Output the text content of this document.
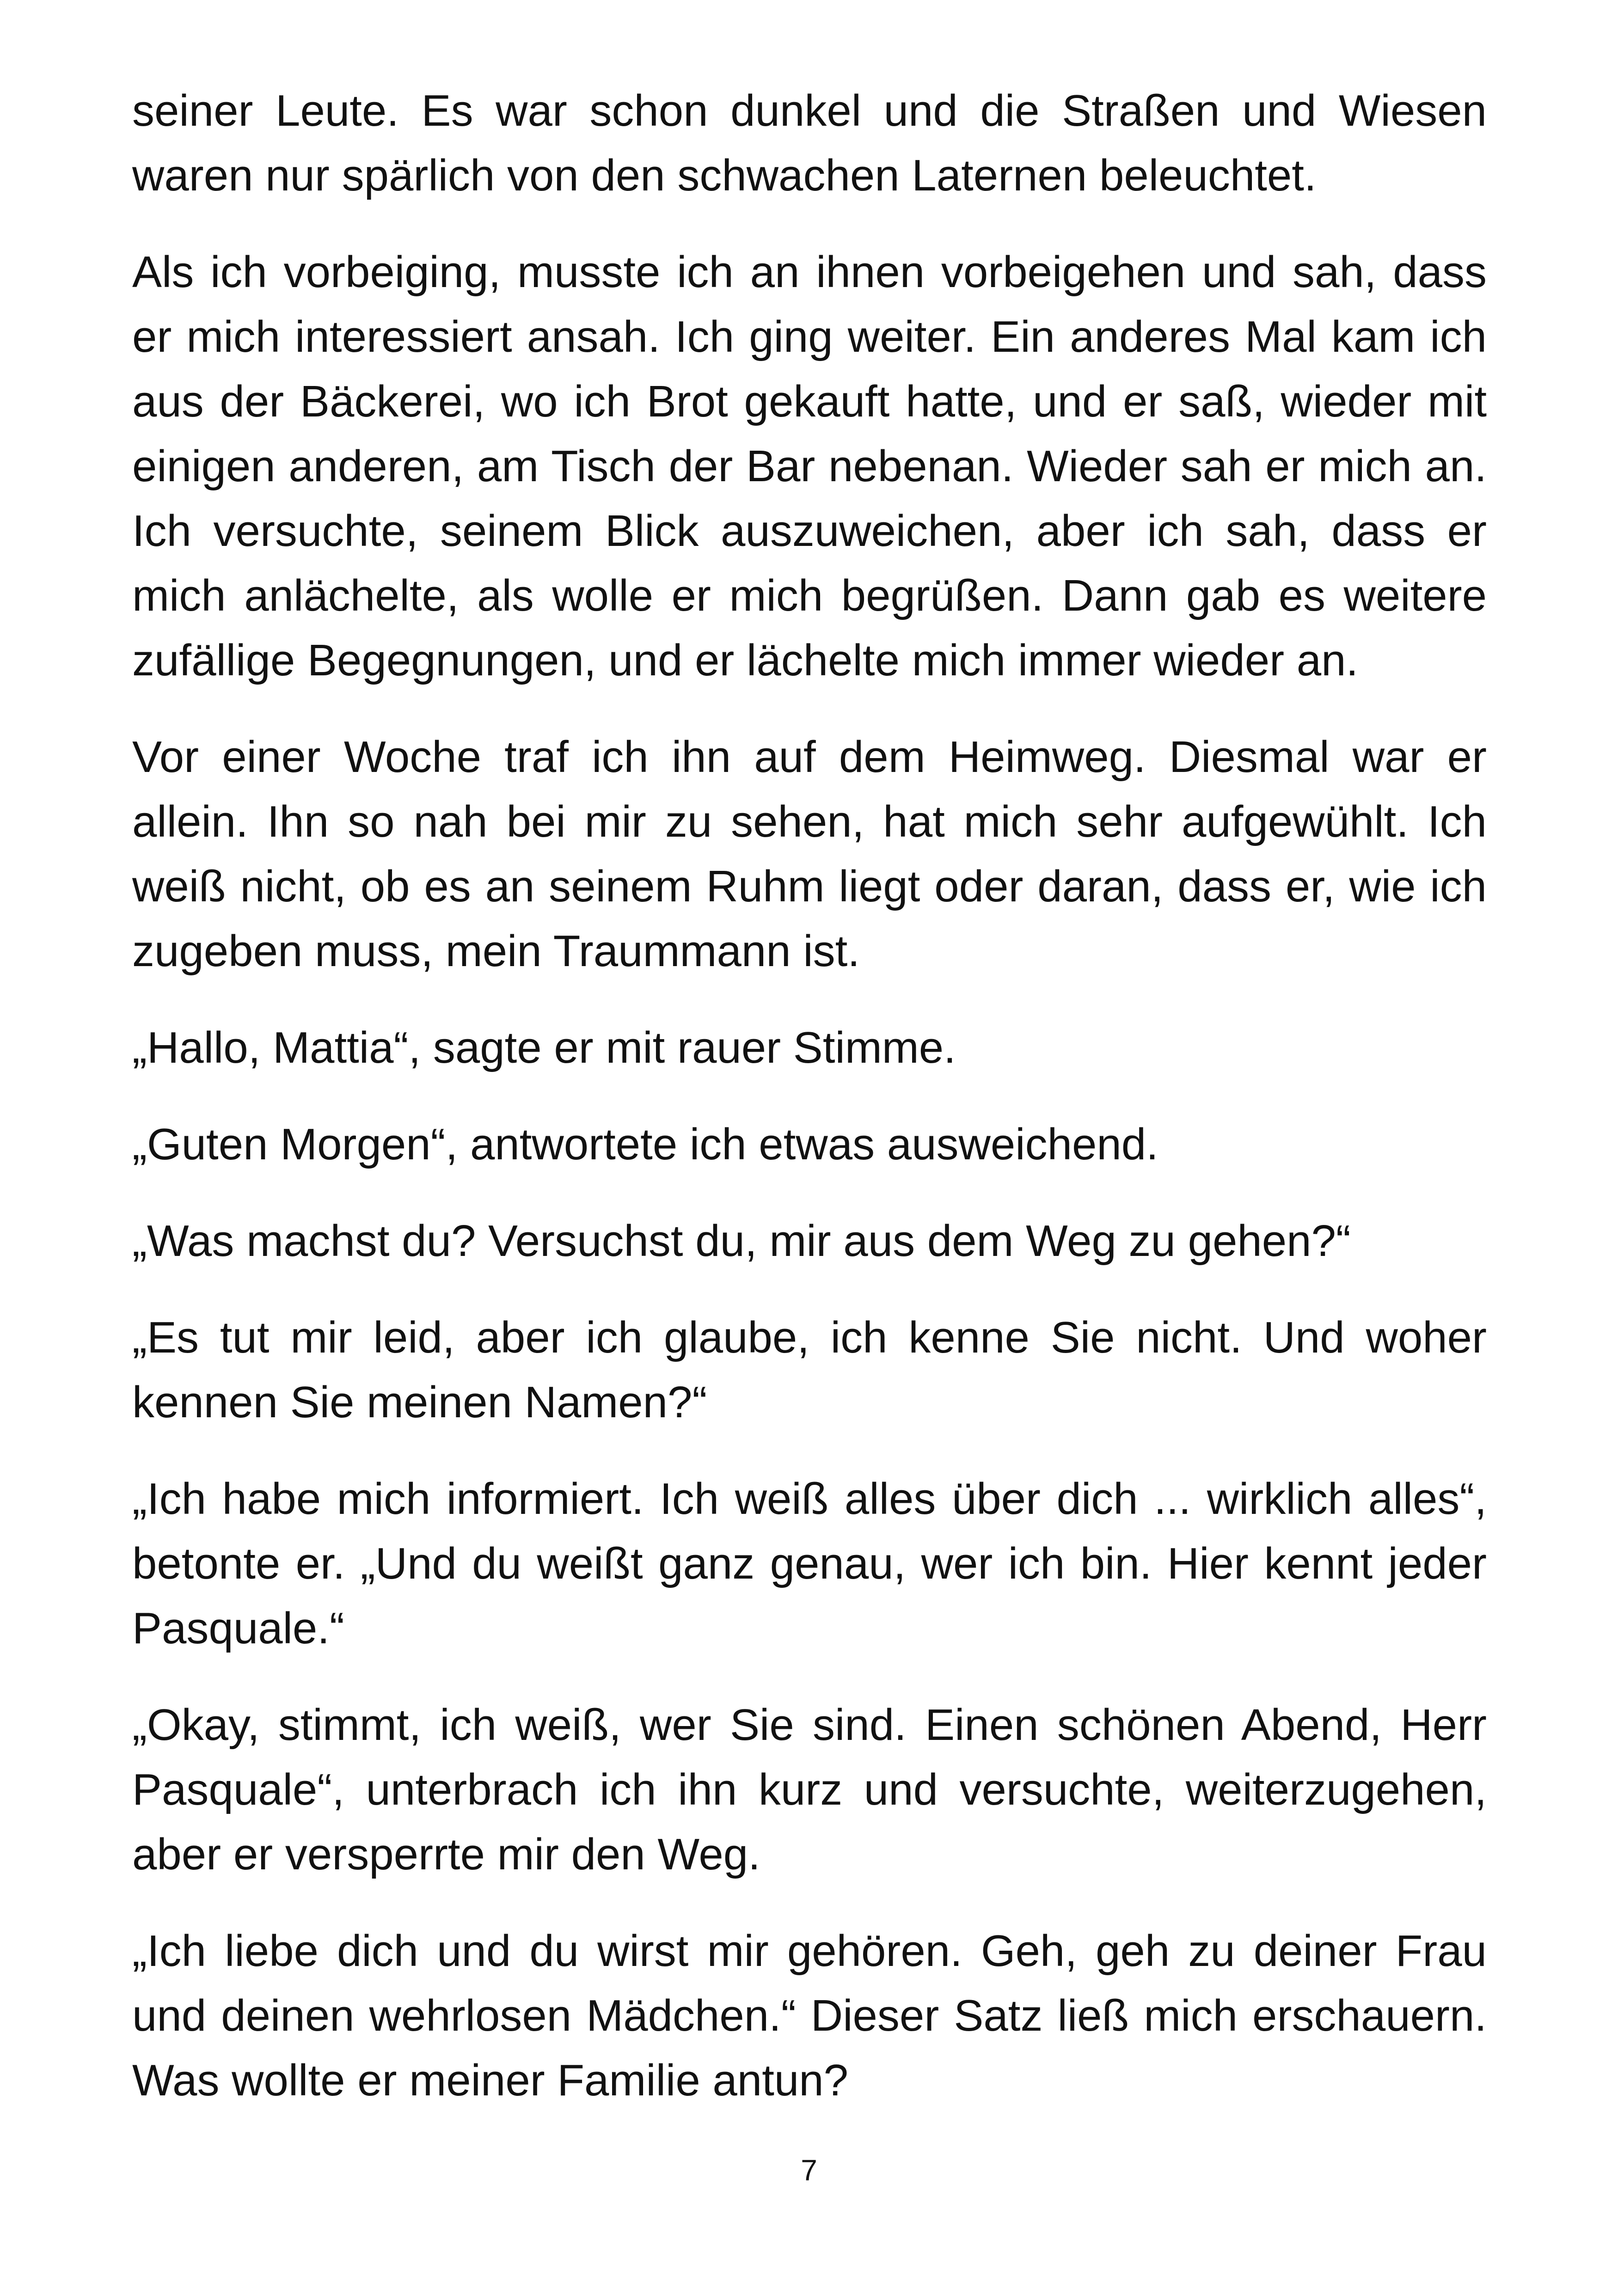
seiner Leute. Es war schon dunkel und die Straßen und Wiesen waren nur spärlich von den schwachen Laternen beleuchtet.

Als ich vorbeiging, musste ich an ihnen vorbeigehen und sah, dass er mich interessiert ansah. Ich ging weiter. Ein anderes Mal kam ich aus der Bäckerei, wo ich Brot gekauft hatte, und er saß, wieder mit einigen anderen, am Tisch der Bar nebenan. Wieder sah er mich an. Ich versuchte, seinem Blick auszuweichen, aber ich sah, dass er mich anlächelte, als wolle er mich begrüßen. Dann gab es weitere zufällige Begegnungen, und er lächelte mich immer wieder an.

Vor einer Woche traf ich ihn auf dem Heimweg. Diesmal war er allein. Ihn so nah bei mir zu sehen, hat mich sehr aufgewühlt. Ich weiß nicht, ob es an seinem Ruhm liegt oder daran, dass er, wie ich zugeben muss, mein Traummann ist.

„Hallo, Mattia“, sagte er mit rauer Stimme.

„Guten Morgen“, antwortete ich etwas ausweichend.

„Was machst du? Versuchst du, mir aus dem Weg zu gehen?“

„Es tut mir leid, aber ich glaube, ich kenne Sie nicht. Und woher kennen Sie meinen Namen?“

„Ich habe mich informiert. Ich weiß alles über dich ... wirklich alles“, betonte er. „Und du weißt ganz genau, wer ich bin. Hier kennt jeder Pasquale.“

„Okay, stimmt, ich weiß, wer Sie sind. Einen schönen Abend, Herr Pasquale“, unterbrach ich ihn kurz und versuchte, weiterzugehen, aber er versperrte mir den Weg.

„Ich liebe dich und du wirst mir gehören. Geh, geh zu deiner Frau und deinen wehrlosen Mädchen.“ Dieser Satz ließ mich erschauern. Was wollte er meiner Familie antun?

7
